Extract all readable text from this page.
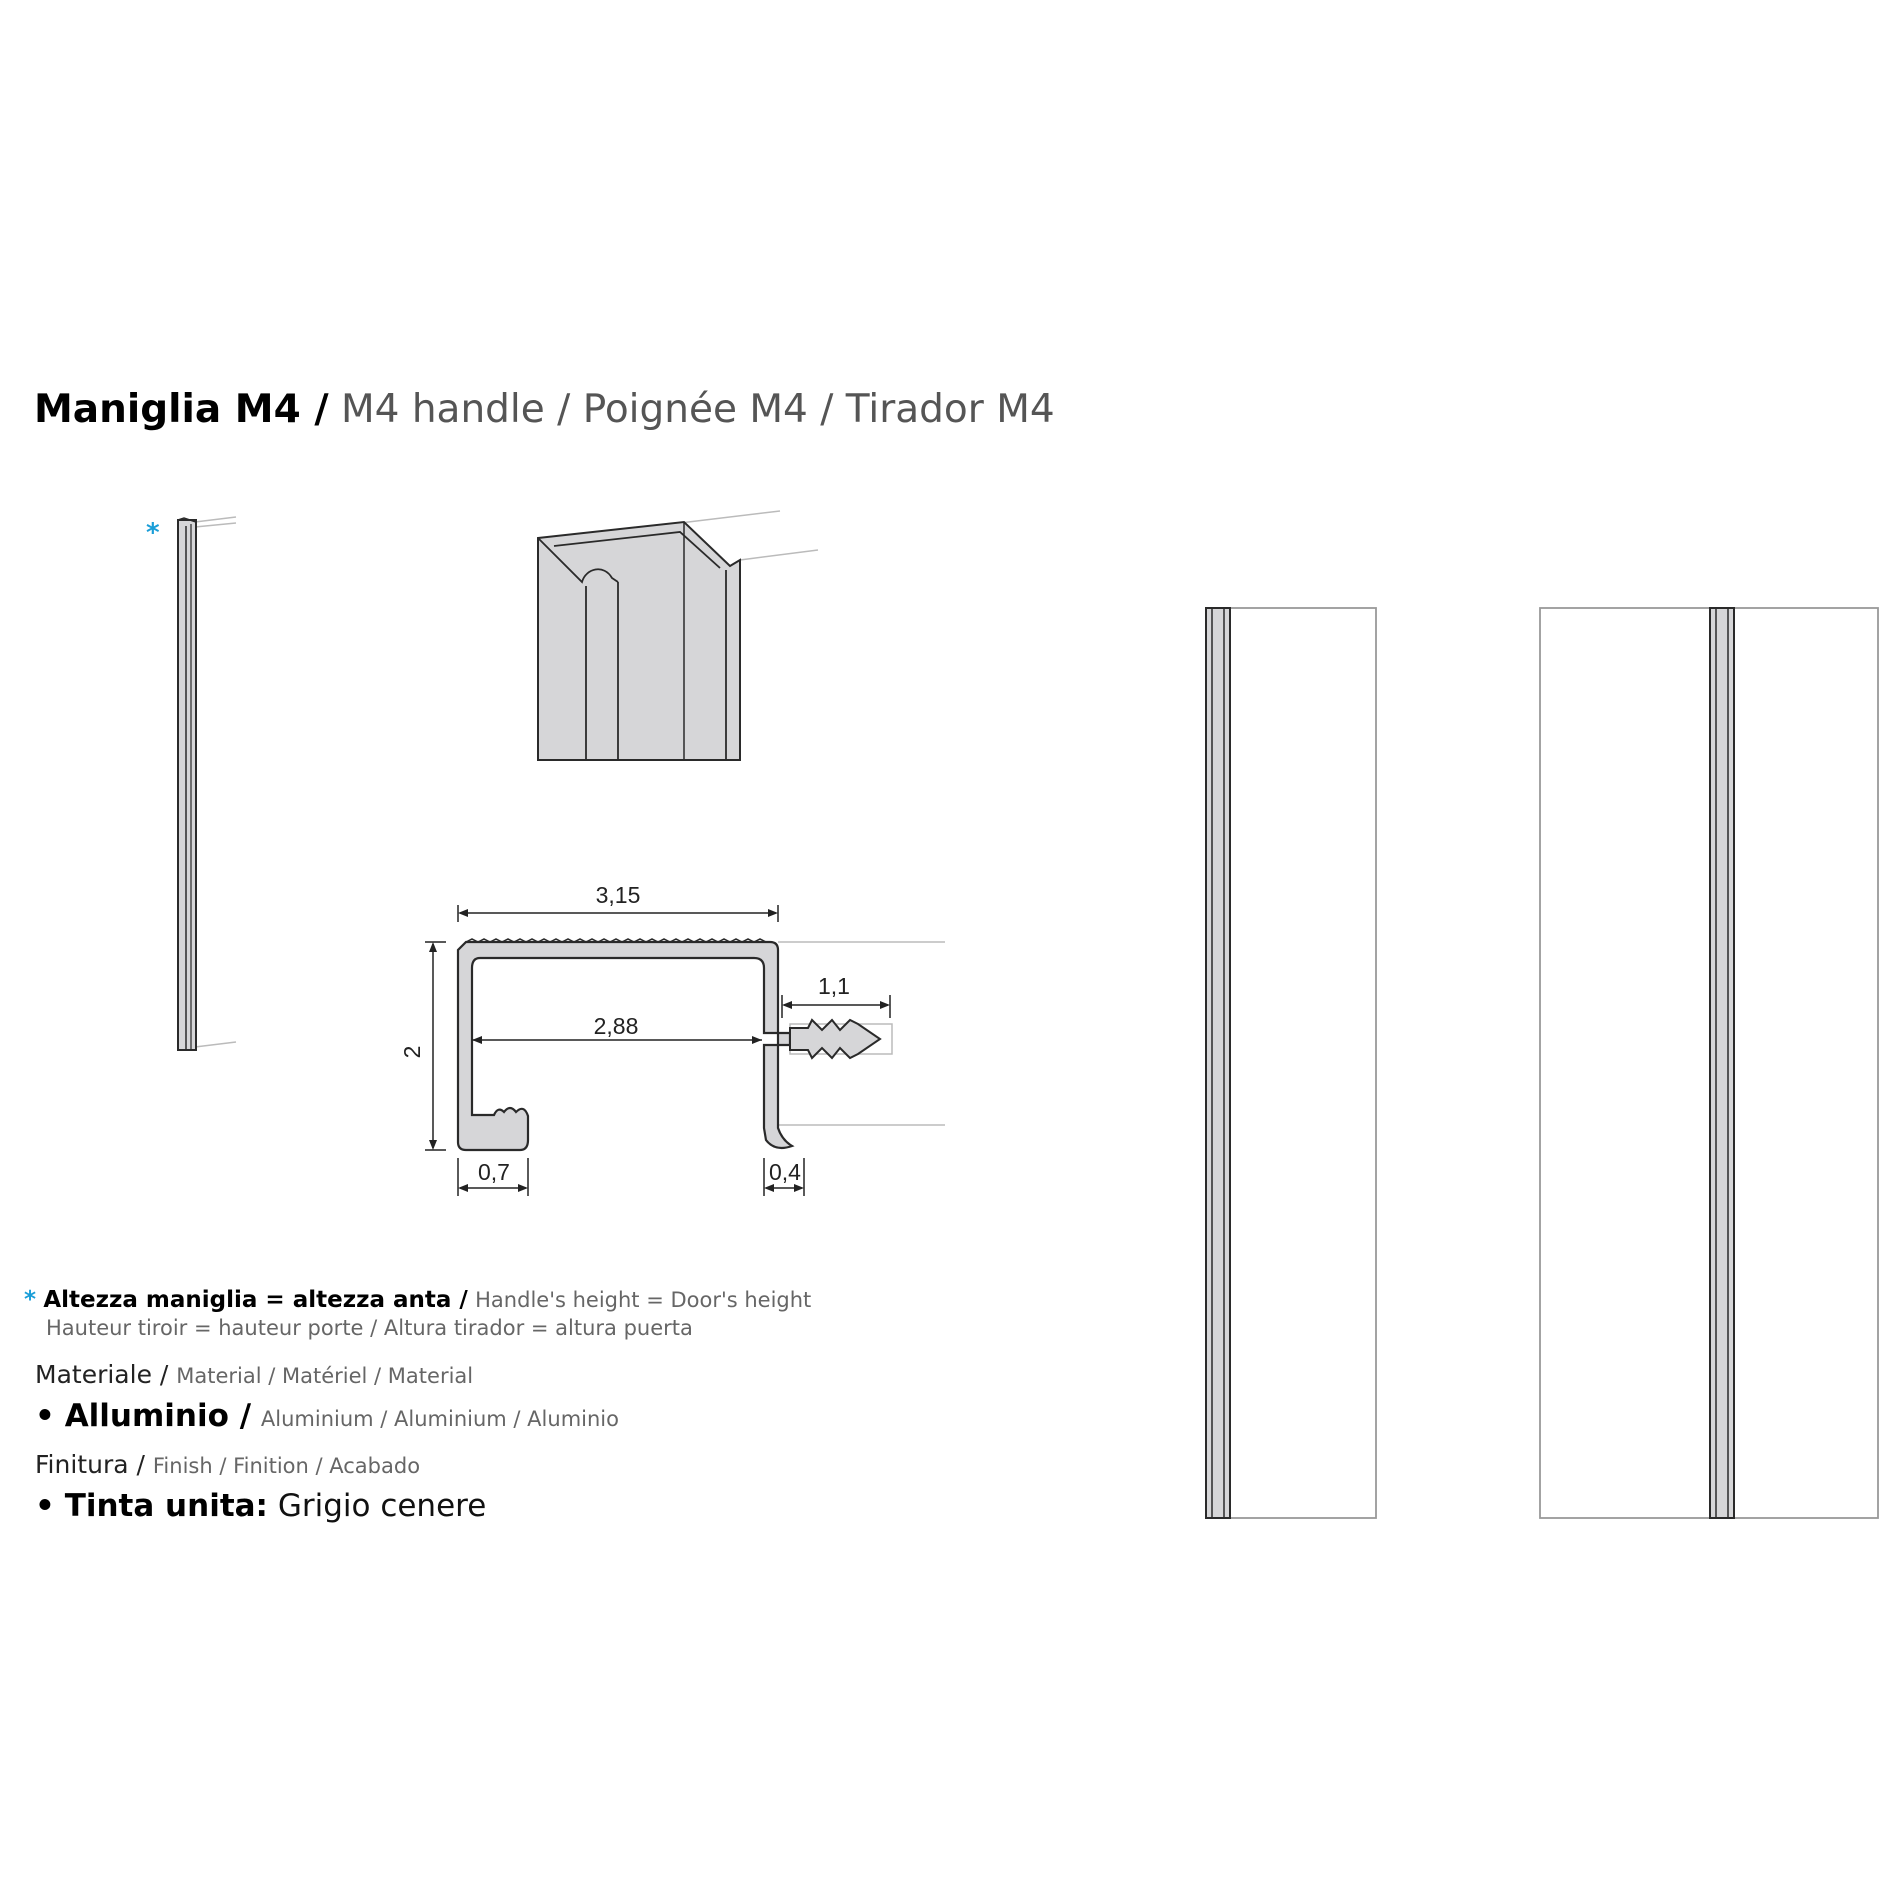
Maniglia M4 / M4 handle / Poignée M4 / Tirador M4
3,15
2,88
2
0,7	0,4
1,1
*
* Altezza maniglia = altezza anta / Handle's height = Door's height
Hauteur tiroir = hauteur porte / Altura tirador = altura puerta
Materiale / Material / Matériel / Material
• Alluminio / Aluminium / Aluminium / Aluminio
Finitura / Finish / Finition / Acabado
• Tinta unita: Grigio cenere
